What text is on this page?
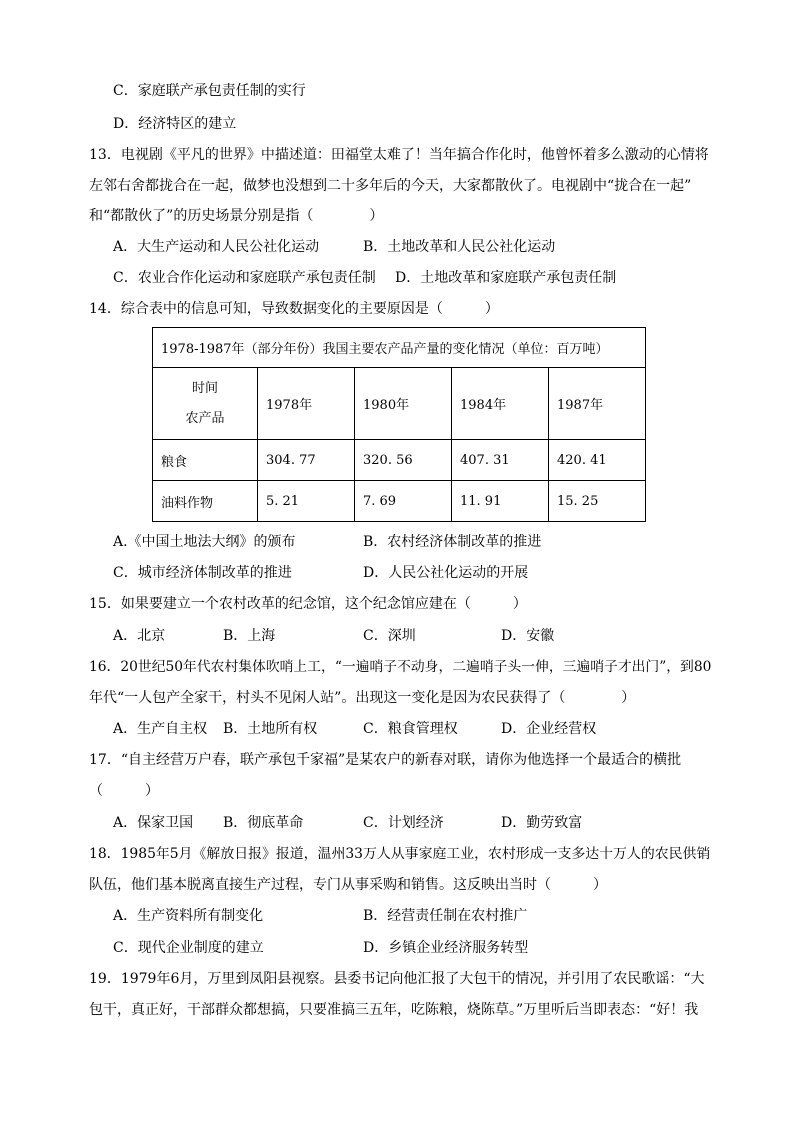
C．家庭联产承包责任制的实行
D．经济特区的建立
13．电视剧《平凡的世界》中描述道：田福堂太难了！当年搞合作化时，他曾怀着多么激动的心情将
左邻右舍都拢合在一起，做梦也没想到二十多年后的今天，大家都散伙了。电视剧中“拢合在一起”
和“都散伙了”的历史场景分别是指（　　　　）
A．大生产运动和人民公社化运动	B．土地改革和人民公社化运动
C．农业合作化运动和家庭联产承包责任制 D．土地改革和家庭联产承包责任制
14．综合表中的信息可知，导致数据变化的主要原因是（　　　）
1978-1987年（部分年份）我国主要农产品产量的变化情况（单位：百万吨）				

时间
农产品	1978年	1980年	1984年	1987年
粮食	304. 77	320. 56	407. 31	420. 41
油料作物	5. 21	7. 69	11. 91	15. 25
A.《中国土地法大纲》的颁布	B．农村经济体制改革的推进
C．城市经济体制改革的推进	D．人民公社化运动的开展
15．如果要建立一个农村改革的纪念馆，这个纪念馆应建在（　　　）
A．北京	B．上海	C．深圳	D．安徽
16．20世纪50年代农村集体吹哨上工，“一遍哨子不动身，二遍哨子头一伸，三遍哨子才出门”，到80
年代“一人包产全家干，村头不见闲人站”。出现这一变化是因为农民获得了（　　　　）
A．生产自主权 B．土地所有权	C．粮食管理权	D．企业经营权
17．“自主经营万户春，联产承包千家福”是某农户的新春对联，请你为他选择一个最适合的横批
（　　　）
A．保家卫国 B．彻底革命	C．计划经济	D．勤劳致富
18．1985年5月《解放日报》报道，温州33万人从事家庭工业，农村形成一支多达十万人的农民供销
队伍，他们基本脱离直接生产过程，专门从事采购和销售。这反映出当时（　　　）
A．生产资料所有制变化	B．经营责任制在农村推广
C．现代企业制度的建立	D．乡镇企业经济服务转型
19．1979年6月，万里到凤阳县视察。县委书记向他汇报了大包干的情况，并引用了农民歌谣：“大
包干，真正好，干部群众都想搞，只要准搞三五年，吃陈粮，烧陈草。”万里听后当即表态：“好！我
